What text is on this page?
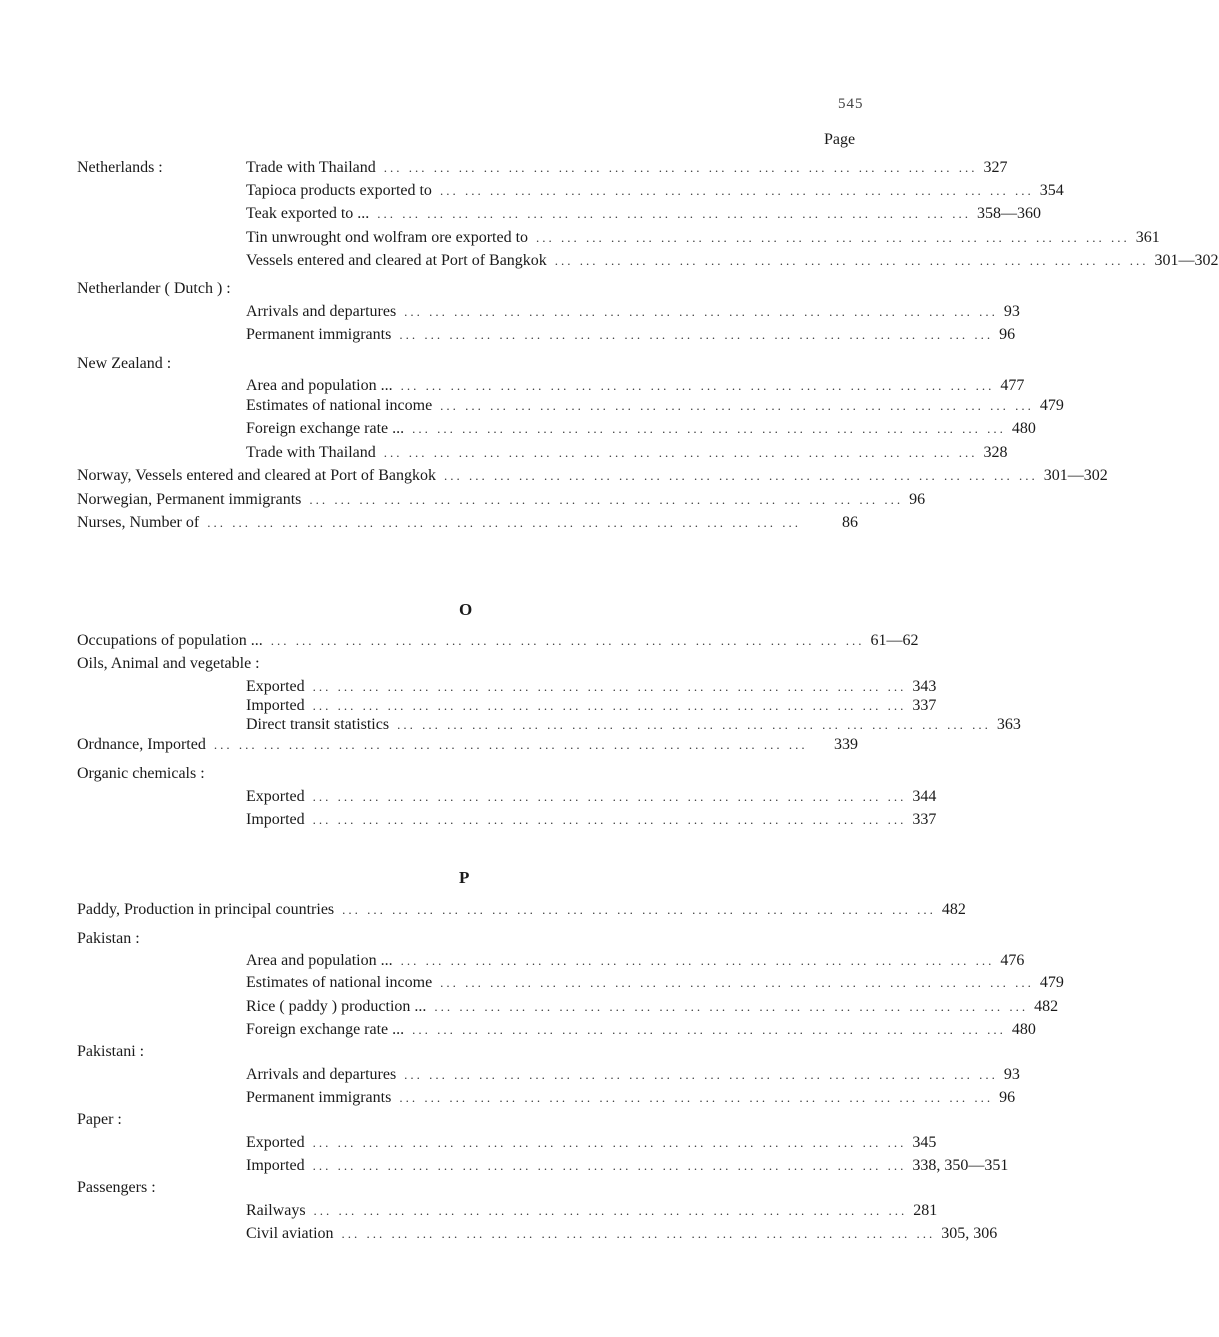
545
Page
Netherlands :	Trade with Thailand ... ... ... ... ... ... ... ... ... ... ... ... ... ... ... ... ... ... ... ... ... ... ... ... 327
Tapioca products exported to ... ... ... ... ... ... ... ... ... ... ... ... ... ... ... ... ... ... ... ... ... ... ... ... 354
Teak exported to ... ... ... ... ... ... ... ... ... ... ... ... ... ... ... ... ... ... ... ... ... ... ... ... ... 358—360
Tin unwrought ond wolfram ore exported to ... ... ... ... ... ... ... ... ... ... ... ... ... ... ... ... ... ... ... ... ... ... ... ... 361
Vessels entered and cleared at Port of Bangkok ... ... ... ... ... ... ... ... ... ... ... ... ... ... ... ... ... ... ... ... ... ... ... ... 301—302
Netherlander ( Dutch ) :
Arrivals and departures ... ... ... ... ... ... ... ... ... ... ... ... ... ... ... ... ... ... ... ... ... ... ... ... 93
Permanent immigrants ... ... ... ... ... ... ... ... ... ... ... ... ... ... ... ... ... ... ... ... ... ... ... ... 96
New Zealand :
Area and population ... ... ... ... ... ... ... ... ... ... ... ... ... ... ... ... ... ... ... ... ... ... ... ... ... 477
Estimates of national income ... ... ... ... ... ... ... ... ... ... ... ... ... ... ... ... ... ... ... ... ... ... ... ... 479
Foreign exchange rate ... ... ... ... ... ... ... ... ... ... ... ... ... ... ... ... ... ... ... ... ... ... ... ... ... 480
Trade with Thailand ... ... ... ... ... ... ... ... ... ... ... ... ... ... ... ... ... ... ... ... ... ... ... ... 328
Norway, Vessels entered and cleared at Port of Bangkok ... ... ... ... ... ... ... ... ... ... ... ... ... ... ... ... ... ... ... ... ... ... ... ... 301—302
Norwegian, Permanent immigrants ... ... ... ... ... ... ... ... ... ... ... ... ... ... ... ... ... ... ... ... ... ... ... ... 96
Nurses, Number of ... ... ... ... ... ... ... ... ... ... ... ... ... ... ... ... ... ... ... ... ... ... ... ...	86
O
Occupations of population ... ... ... ... ... ... ... ... ... ... ... ... ... ... ... ... ... ... ... ... ... ... ... ... ... 61—62
Oils, Animal and vegetable :
Exported ... ... ... ... ... ... ... ... ... ... ... ... ... ... ... ... ... ... ... ... ... ... ... ... 343
Imported ... ... ... ... ... ... ... ... ... ... ... ... ... ... ... ... ... ... ... ... ... ... ... ... 337
Direct transit statistics ... ... ... ... ... ... ... ... ... ... ... ... ... ... ... ... ... ... ... ... ... ... ... ... 363
Ordnance, Imported ... ... ... ... ... ... ... ... ... ... ... ... ... ... ... ... ... ... ... ... ... ... ... ...	339
Organic chemicals :
Exported ... ... ... ... ... ... ... ... ... ... ... ... ... ... ... ... ... ... ... ... ... ... ... ... 344
Imported ... ... ... ... ... ... ... ... ... ... ... ... ... ... ... ... ... ... ... ... ... ... ... ... 337
P
Paddy, Production in principal countries ... ... ... ... ... ... ... ... ... ... ... ... ... ... ... ... ... ... ... ... ... ... ... ... 482
Pakistan :
Area and population ... ... ... ... ... ... ... ... ... ... ... ... ... ... ... ... ... ... ... ... ... ... ... ... ... 476
Estimates of national income ... ... ... ... ... ... ... ... ... ... ... ... ... ... ... ... ... ... ... ... ... ... ... ... 479
Rice ( paddy ) production ... ... ... ... ... ... ... ... ... ... ... ... ... ... ... ... ... ... ... ... ... ... ... ... ... 482
Foreign exchange rate ... ... ... ... ... ... ... ... ... ... ... ... ... ... ... ... ... ... ... ... ... ... ... ... ... 480
Pakistani :
Arrivals and departures ... ... ... ... ... ... ... ... ... ... ... ... ... ... ... ... ... ... ... ... ... ... ... ... 93
Permanent immigrants ... ... ... ... ... ... ... ... ... ... ... ... ... ... ... ... ... ... ... ... ... ... ... ... 96
Paper :
Exported ... ... ... ... ... ... ... ... ... ... ... ... ... ... ... ... ... ... ... ... ... ... ... ... 345
Imported ... ... ... ... ... ... ... ... ... ... ... ... ... ... ... ... ... ... ... ... ... ... ... ... 338, 350—351
Passengers :
Railways ... ... ... ... ... ... ... ... ... ... ... ... ... ... ... ... ... ... ... ... ... ... ... ... 281
Civil aviation ... ... ... ... ... ... ... ... ... ... ... ... ... ... ... ... ... ... ... ... ... ... ... ... 305, 306
